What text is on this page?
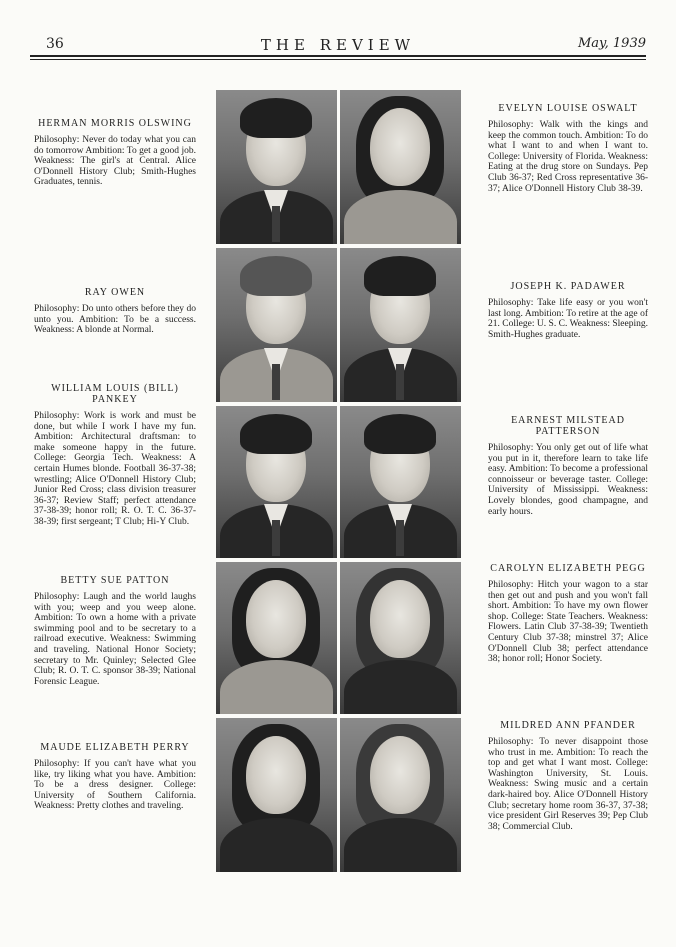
36	THE REVIEW	May, 1939
HERMAN MORRIS OLSWING
Philosophy: Never do today what you can do tomorrow Ambition: To get a good job. Weakness: The girl's at Central. Alice O'Donnell History Club; Smith-Hughes Graduates, tennis.
RAY OWEN
Philosophy: Do unto others before they do unto you. Ambition: To be a success. Weakness: A blonde at Normal.
WILLIAM LOUIS (BILL) PANKEY
Philosophy: Work is work and must be done, but while I work I have my fun. Ambition: Architectural draftsman: to make someone happy in the future. College: Georgia Tech. Weakness: A certain Humes blonde. Football 36-37-38; wrestling; Alice O'Donnell History Club; Junior Red Cross; class division treasurer 36-37; Review Staff; perfect attendance 37-38-39; honor roll; R. O. T. C. 36-37-38-39; first sergeant; T Club; Hi-Y Club.
BETTY SUE PATTON
Philosophy: Laugh and the world laughs with you; weep and you weep alone. Ambition: To own a home with a private swimming pool and to be secretary to a railroad executive. Weakness: Swimming and traveling. National Honor Society; secretary to Mr. Quinley; Selected Glee Club; R. O. T. C. sponsor 38-39; National Forensic League.
MAUDE ELIZABETH PERRY
Philosophy: If you can't have what you like, try liking what you have. Ambition: To be a dress designer. College: University of Southern California. Weakness: Pretty clothes and traveling.
EVELYN LOUISE OSWALT
Philosophy: Walk with the kings and keep the common touch. Ambition: To do what I want to and when I want to. College: University of Florida. Weakness: Eating at the drug store on Sundays. Pep Club 36-37; Red Cross representative 36-37; Alice O'Donnell History Club 38-39.
JOSEPH K. PADAWER
Philosophy: Take life easy or you won't last long. Ambition: To retire at the age of 21. College: U. S. C. Weakness: Sleeping. Smith-Hughes graduate.
EARNEST MILSTEAD PATTERSON
Philosophy: You only get out of life what you put in it, therefore learn to take life easy. Ambition: To become a professional connoisseur or beverage taster. College: University of Mississippi. Weakness: Lovely blondes, good champagne, and early hours.
CAROLYN ELIZABETH PEGG
Philosophy: Hitch your wagon to a star then get out and push and you won't fall short. Ambition: To have my own flower shop. College: State Teachers. Weakness: Flowers. Latin Club 37-38-39; Twentieth Century Club 37-38; minstrel 37; Alice O'Donnell Club 38; perfect attendance 38; honor roll; Honor Society.
MILDRED ANN PFANDER
Philosophy: To never disappoint those who trust in me. Ambition: To reach the top and get what I want most. College: Washington University, St. Louis. Weakness: Swing music and a certain dark-haired boy. Alice O'Donnell History Club; secretary home room 36-37, 37-38; vice president Girl Reserves 39; Pep Club 38; Commercial Club.
